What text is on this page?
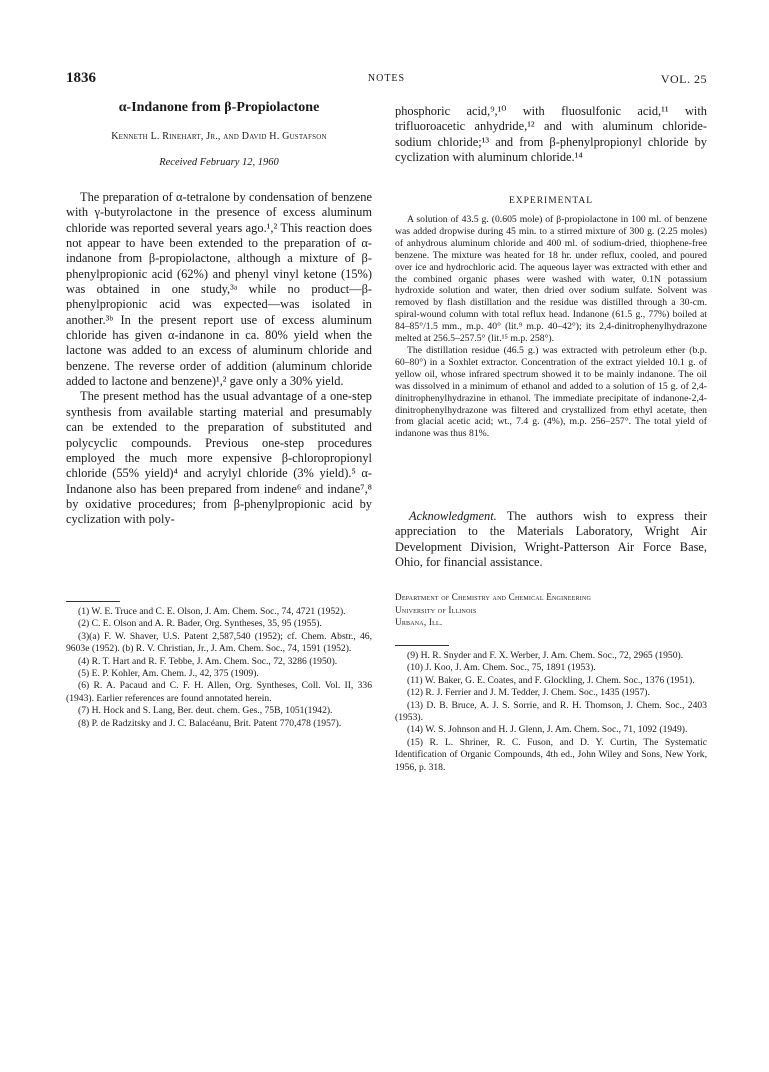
1836	NOTES	VOL. 25
α-Indanone from β-Propiolactone
Kenneth L. Rinehart, Jr., and David H. Gustafson
Received February 12, 1960

The preparation of α-tetralone by condensation of benzene with γ-butyrolactone in the presence of excess aluminum chloride was reported several years ago.¹,² This reaction does not appear to have been extended to the preparation of α-indanone from β-propiolactone, although a mixture of β-phenylpropionic acid (62%) and phenyl vinyl ketone (15%) was obtained in one study,³ᵃ while no product—β-phenylpropionic acid was expected—was isolated in another.³ᵇ In the present report use of excess aluminum chloride has given α-indanone in ca. 80% yield when the lactone was added to an excess of aluminum chloride and benzene. The reverse order of addition (aluminum chloride added to lactone and benzene)¹,² gave only a 30% yield.

The present method has the usual advantage of a one-step synthesis from available starting material and presumably can be extended to the preparation of substituted and polycyclic compounds. Previous one-step procedures employed the much more expensive β-chloropropionyl chloride (55% yield)⁴ and acrylyl chloride (3% yield).⁵ α-Indanone also has been prepared from indene⁶ and indane⁷,⁸ by oxidative procedures; from β-phenylpropionic acid by cyclization with poly-

(1) W. E. Truce and C. E. Olson, J. Am. Chem. Soc., 74, 4721 (1952).

(2) C. E. Olson and A. R. Bader, Org. Syntheses, 35, 95 (1955).

(3)(a) F. W. Shaver, U.S. Patent 2,587,540 (1952); cf. Chem. Abstr., 46, 9603e (1952). (b) R. V. Christian, Jr., J. Am. Chem. Soc., 74, 1591 (1952).

(4) R. T. Hart and R. F. Tebbe, J. Am. Chem. Soc., 72, 3286 (1950).

(5) E. P. Kohler, Am. Chem. J., 42, 375 (1909).

(6) R. A. Pacaud and C. F. H. Allen, Org. Syntheses, Coll. Vol. II, 336 (1943). Earlier references are found annotated herein.

(7) H. Hock and S. Lang, Ber. deut. chem. Ges., 75B, 1051(1942).

(8) P. de Radzitsky and J. C. Balacéanu, Brit. Patent 770,478 (1957).

phosphoric acid,⁹,¹⁰ with fluosulfonic acid,¹¹ with trifluoroacetic anhydride,¹² and with aluminum chloride-sodium chloride;¹³ and from β-phenylpropionyl chloride by cyclization with aluminum chloride.¹⁴

EXPERIMENTAL

A solution of 43.5 g. (0.605 mole) of β-propiolactone in 100 ml. of benzene was added dropwise during 45 min. to a stirred mixture of 300 g. (2.25 moles) of anhydrous aluminum chloride and 400 ml. of sodium-dried, thiophene-free benzene. The mixture was heated for 18 hr. under reflux, cooled, and poured over ice and hydrochloric acid. The aqueous layer was extracted with ether and the combined organic phases were washed with water, 0.1N potassium hydroxide solution and water, then dried over sodium sulfate. Solvent was removed by flash distillation and the residue was distilled through a 30-cm. spiral-wound column with total reflux head. Indanone (61.5 g., 77%) boiled at 84–85°/1.5 mm., m.p. 40° (lit.⁹ m.p. 40–42°); its 2,4-dinitrophenylhydrazone melted at 256.5–257.5° (lit.¹⁵ m.p. 258°).

The distillation residue (46.5 g.) was extracted with petroleum ether (b.p. 60–80°) in a Soxhlet extractor. Concentration of the extract yielded 10.1 g. of yellow oil, whose infrared spectrum showed it to be mainly indanone. The oil was dissolved in a minimum of ethanol and added to a solution of 15 g. of 2,4-dinitrophenylhydrazine in ethanol. The immediate precipitate of indanone-2,4-dinitrophenylhydrazone was filtered and crystallized from ethyl acetate, then from glacial acetic acid; wt., 7.4 g. (4%), m.p. 256–257°. The total yield of indanone was thus 81%.

Acknowledgment. The authors wish to express their appreciation to the Materials Laboratory, Wright Air Development Division, Wright-Patterson Air Force Base, Ohio, for financial assistance.

Department of Chemistry and Chemical Engineering
University of Illinois
Urbana, Ill.

(9) H. R. Snyder and F. X. Werber, J. Am. Chem. Soc., 72, 2965 (1950).

(10) J. Koo, J. Am. Chem. Soc., 75, 1891 (1953).

(11) W. Baker, G. E. Coates, and F. Glockling, J. Chem. Soc., 1376 (1951).

(12) R. J. Ferrier and J. M. Tedder, J. Chem. Soc., 1435 (1957).

(13) D. B. Bruce, A. J. S. Sorrie, and R. H. Thomson, J. Chem. Soc., 2403 (1953).

(14) W. S. Johnson and H. J. Glenn, J. Am. Chem. Soc., 71, 1092 (1949).

(15) R. L. Shriner, R. C. Fuson, and D. Y. Curtin, The Systematic Identification of Organic Compounds, 4th ed., John Wiley and Sons, New York, 1956, p. 318.
